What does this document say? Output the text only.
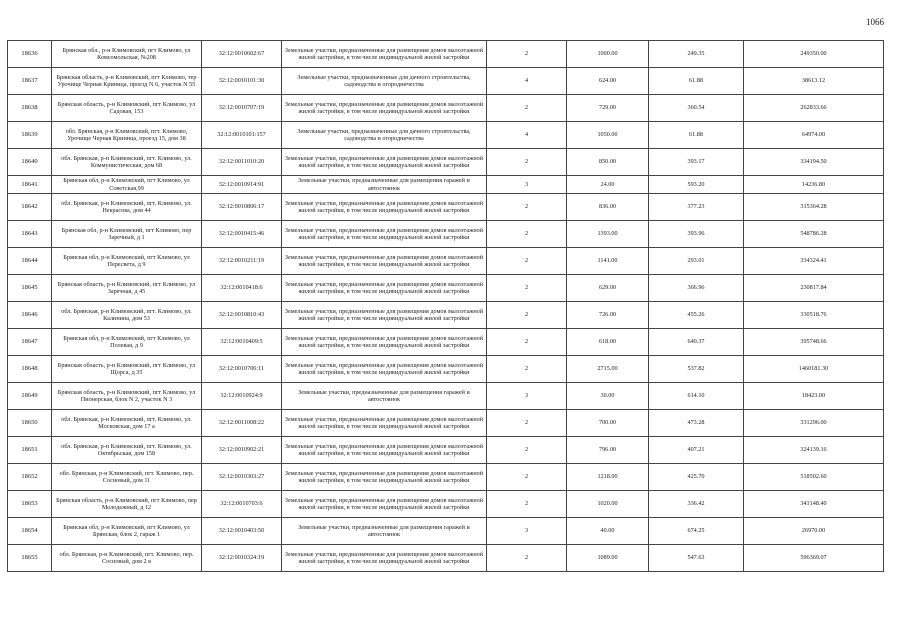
1066
18636	Брянская обл., р-н Климовский, пгт Климово, ул Комсомольская, №208	32:12:0010602:67	Земельные участки, предназначенные для размещения домов малоэтажной жилой застройки, в том числе индивидуальной жилой застройки	2	1000.00	249.35	249350.00
18637	Брянская область, р-н Климовский, пгт Климово, тер Урочище Черная Криница, проезд N 6, участок N 55	32:12:0010101:30	Земельные участки, предназначенные для дачного строительства, садоводства и огородничества	4	624.00	61.88	38613.12
18638	Брянская область, р-н Климовский, пгт Климово, ул Садовая, 153	32:12:0010707:19	Земельные участки, предназначенные для размещения домов малоэтажной жилой застройки, в том числе индивидуальной жилой застройки	2	729.00	360.54	262833.66
18639	обл. Брянская, р-н Климовский, пгт. Климово, Урочище Черная Криница, проезд 15, дом 38	32:12:0010101:157	Земельные участки, предназначенные для дачного строительства, садоводства и огородничества	4	1050.00	61.88	64974.00
18640	обл. Брянская, р-н Климовский, пгт. Климово, ул. Коммунистическая, дом 68	32:12:0011010:20	Земельные участки, предназначенные для размещения домов малоэтажной жилой застройки, в том числе индивидуальной жилой застройки	2	850.00	393.17	334194.50
18641	Брянская обл, р-н Климовский, пгт Климово, ул Советская,99	32:12:0010914:91	Земельные участки, предназначенные для размещения гаражей и автостоянок	3	24.00	593.20	14236.80
18642	обл. Брянская, р-н Климовский, пгт. Климово, ул. Некрасова, дом 44	32:12:0010806:17	Земельные участки, предназначенные для размещения домов малоэтажной жилой застройки, в том числе индивидуальной жилой застройки	2	836.00	377.23	315364.28
18643	Брянская обл, р-н Климовский, пгт Климово, пер Заречный, д 1	32:12:0010415:46	Земельные участки, предназначенные для размещения домов малоэтажной жилой застройки, в том числе индивидуальной жилой застройки	2	1393.00	393.96	548786.28
18644	Брянская обл, р-н Климовский, пгт Климово, ул Пересвета, д 9	32:12:0010211:19	Земельные участки, предназначенные для размещения домов малоэтажной жилой застройки, в том числе индивидуальной жилой застройки	2	1141.00	293.01	334324.41
18645	Брянская область, р-н Климовский, пгт Климово, ул Заречная, д 45	32:12:0010418:6	Земельные участки, предназначенные для размещения домов малоэтажной жилой застройки, в том числе индивидуальной жилой застройки	2	629.00	366.96	230817.84
18646	обл. Брянская, р-н Климовский, пгт. Климово, ул. Калинина, дом 53	32:12:0010810:43	Земельные участки, предназначенные для размещения домов малоэтажной жилой застройки, в том числе индивидуальной жилой застройки	2	726.00	455.26	330518.76
18647	Брянская обл, р-н Климовский, пгт Климово, ул Полевая, д 9	32:12:0010409:5	Земельные участки, предназначенные для размещения домов малоэтажной жилой застройки, в том числе индивидуальной жилой застройки	2	618.00	640.37	395748.66
18648	Брянская область, р-н Климовский, пгт Климово, ул Щорса, д 35	32:12:0010706:11	Земельные участки, предназначенные для размещения домов малоэтажной жилой застройки, в том числе индивидуальной жилой застройки	2	2715.00	537.82	1460181.30
18649	Брянская область, р-н Климовский, пгт Климово, ул Пионерская, блок N 2, участок N 3	32:12:0010924:9	Земельные участки, предназначенные для размещения гаражей и автостоянок	3	30.00	614.10	18423.00
18650	обл. Брянская, р-н Климовский, пгт. Климово, ул. Московская, дом 17 а	32:12:0011008:22	Земельные участки, предназначенные для размещения домов малоэтажной жилой застройки, в том числе индивидуальной жилой застройки	2	700.00	473.28	331296.00
18651	обл. Брянская, р-н Климовский, пгт. Климово, ул. Октябрьская, дом 158	32:12:0010902:21	Земельные участки, предназначенные для размещения домов малоэтажной жилой застройки, в том числе индивидуальной жилой застройки	2	796.00	407.21	324139.16
18652	обл. Брянская, р-н Климовский, пгт. Климово, пер. Сосновый, дом 11	32:12:0010303:27	Земельные участки, предназначенные для размещения домов малоэтажной жилой застройки, в том числе индивидуальной жилой застройки	2	1218.00	425.70	518502.60
18653	Брянская область, р-н Климовский, пгт Климово, пер Молодежный, д 12	32:12:0010703:6	Земельные участки, предназначенные для размещения домов малоэтажной жилой застройки, в том числе индивидуальной жилой застройки	2	1020.00	336.42	343148.40
18654	Брянская обл, р-н Климовский, пгт Климово, ул Брянская, блок 2, гараж 1	32:12:0010403:50	Земельные участки, предназначенные для размещения гаражей и автостоянок	3	40.00	674.25	26970.00
18655	обл. Брянская, р-н Климовский, пгт. Климово, пер. Сосновый, дом 2 в	32:12:0010324:19	Земельные участки, предназначенные для размещения домов малоэтажной жилой застройки, в том числе индивидуальной жилой застройки	2	1089.00	547.63	596369.07
